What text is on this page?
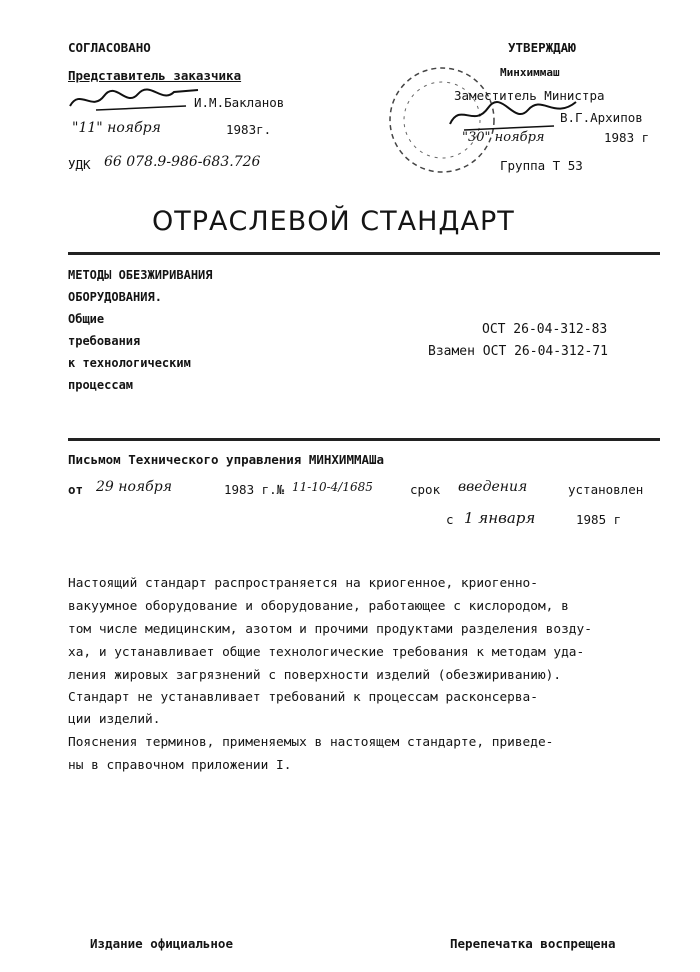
СОГЛАСОВАНО
Представитель заказчика
И.М.Бакланов
"11" ноября	1983г.
УДК 66 078.9-986-683.726
УТВЕРЖДАЮ
Минхиммаш
Заместитель Министра
В.Г.Архипов
"30" ноября	1983 г
Группа Т 53
ОТРАСЛЕВОЙ СТАНДАРТ
МЕТОДЫ ОБЕЗЖИРИВАНИЯ
ОБОРУДОВАНИЯ.
Общие
требования
к технологическим
процессам
ОСТ 26-04-312-83
Взамен ОСТ 26-04-312-71
Письмом Технического управления МИНХИММАШа
от 29 ноября	1983 г.№ 11-10-4/1685	срок введения	установлен
с 1 января	1985 г
Настоящий стандарт распространяется на криогенное, криогенно-
вакуумное оборудование и оборудование, работающее с кислородом, в
том числе медицинским, азотом и прочими продуктами разделения возду-
ха, и устанавливает общие технологические требования к методам уда-
ления жировых загрязнений с поверхности изделий (обезжириванию).
Стандарт не устанавливает требований к процессам расконсерва-
ции изделий.
Пояснения терминов, применяемых в настоящем стандарте, приведе-
ны в справочном приложении I.
Издание официальное	Перепечатка воспрещена
